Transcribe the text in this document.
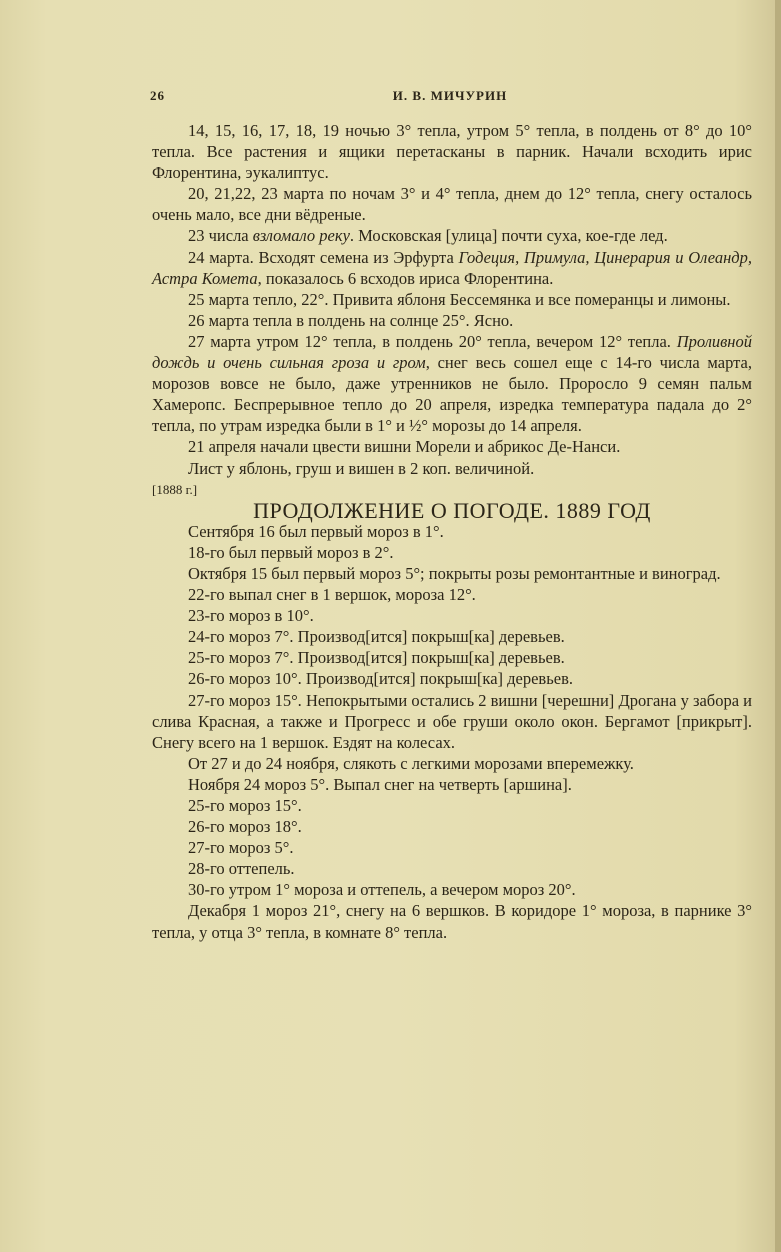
26	И. В. МИЧУРИН

14, 15, 16, 17, 18, 19 ночью 3° тепла, утром 5° тепла, в полдень от 8° до 10° тепла. Все растения и ящики перетасканы в парник. Начали всходить ирис Флорентина, эукалиптус.

20, 21,22, 23 марта по ночам 3° и 4° тепла, днем до 12° тепла, снегу осталось очень мало, все дни вёдреные.

23 числа взломало реку. Московская [улица] почти суха, кое-где лед.

24 марта. Всходят семена из Эрфурта Годеция, Примула, Цинерария и Олеандр, Астра Комета, показалось 6 всходов ириса Флорентина.

25 марта тепло, 22°. Привита яблоня Бессемянка и все померанцы и лимоны.

26 марта тепла в полдень на солнце 25°. Ясно.

27 марта утром 12° тепла, в полдень 20° тепла, вечером 12° тепла. Проливной дождь и очень сильная гроза и гром, снег весь сошел еще с 14-го числа марта, морозов вовсе не было, даже утренников не было. Проросло 9 семян пальм Хамеропс. Беспрерывное тепло до 20 апреля, изредка температура падала до 2° тепла, по утрам изредка были в 1° и ½° морозы до 14 апреля.

21 апреля начали цвести вишни Морели и абрикос Де-Нанси.

Лист у яблонь, груш и вишен в 2 коп. величиной.

[1888 г.]

ПРОДОЛЖЕНИЕ О ПОГОДЕ. 1889 ГОД

Сентября 16 был первый мороз в 1°.

18-го был первый мороз в 2°.

Октября 15 был первый мороз 5°; покрыты розы ремонтантные и виноград.

22-го выпал снег в 1 вершок, мороза 12°.

23-го мороз в 10°.

24-го мороз 7°. Производ[ится] покрыш[ка] деревьев.

25-го мороз 7°. Производ[ится] покрыш[ка] деревьев.

26-го мороз 10°. Производ[ится] покрыш[ка] деревьев.

27-го мороз 15°. Непокрытыми остались 2 вишни [черешни] Дрогана у забора и слива Красная, а также и Прогресс и обе груши около окон. Бергамот [прикрыт]. Снегу всего на 1 вершок. Ездят на колесах.

От 27 и до 24 ноября, слякоть с легкими морозами вперемежку.

Ноября 24 мороз 5°. Выпал снег на четверть [аршина].

25-го мороз 15°.

26-го мороз 18°.

27-го мороз 5°.

28-го оттепель.

30-го утром 1° мороза и оттепель, а вечером мороз 20°.

Декабря 1 мороз 21°, снегу на 6 вершков. В коридоре 1° мороза, в парнике 3° тепла, у отца 3° тепла, в комнате 8° тепла.
